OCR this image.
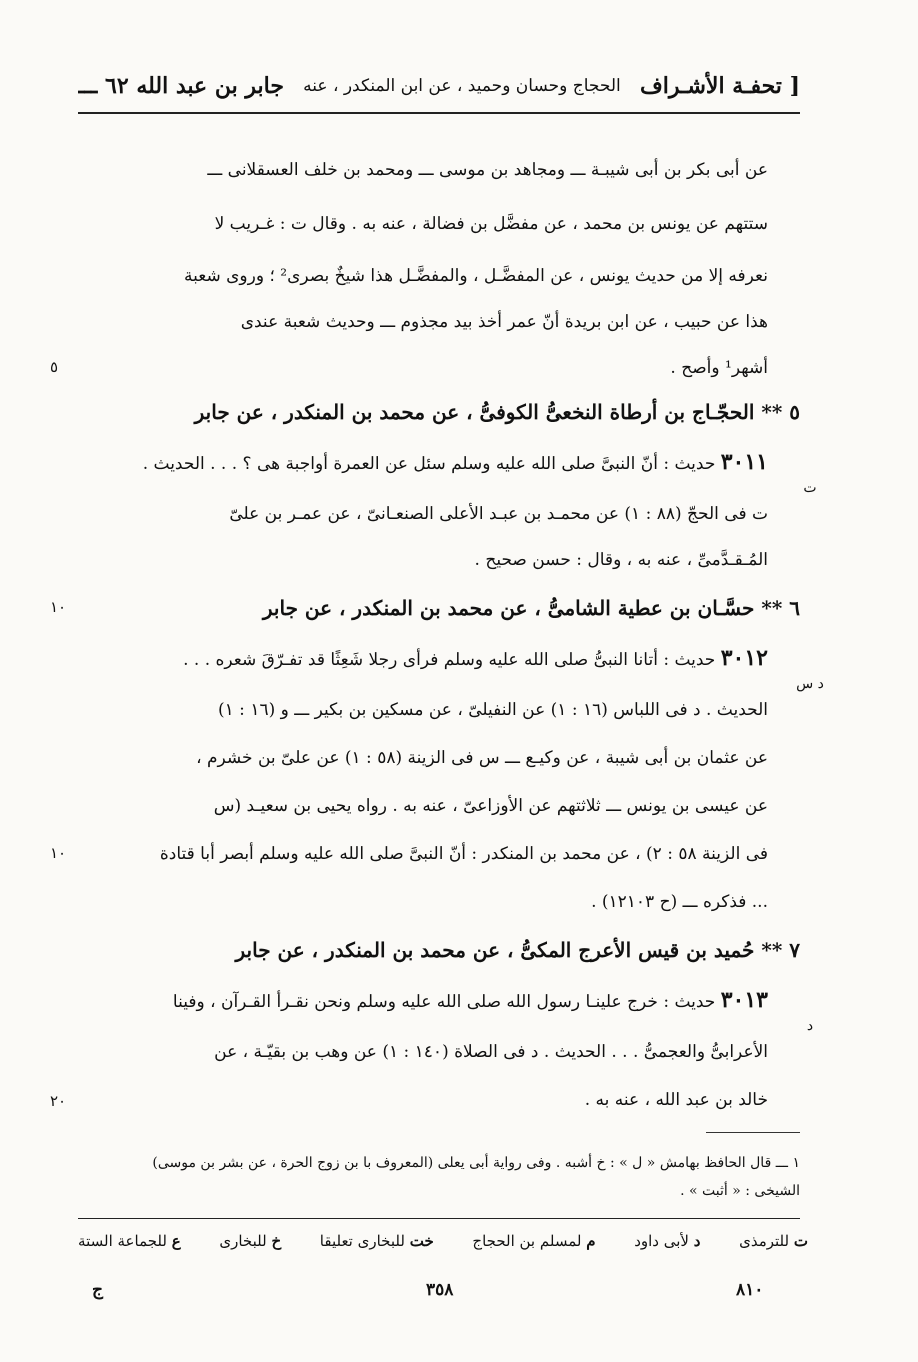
جابر بن عبد الله ٦٢ ـــ الحجاج وحسان وحميد ، عن ابن المنكدر ، عنه [ تحفـة الأشـراف
عن أبى بكر بن أبى شيبـة ـــ ومجاهد بن موسى ـــ ومحمد بن خلف العسقلانى ـــ
ستتهم عن يونس بن محمد ، عن مفضَّل بن فضالة ، عنه به . وقال ت : غـريب لا
نعرفه إلا من حديث يونس ، عن المفضَّـل ، والمفضَّـل هذا شيخٌ بصرى² ؛ وروى شعبة
هذا عن حبيب ، عن ابن بريدة أنّ عمر أخذ بيد مجذوم ـــ وحديث شعبة عندى
أشهر¹ وأصح .
٥
٥ ** الحجّـاج بن أرطاة النخعىُّ الكوفىُّ ، عن محمد بن المنكدر ، عن جابر
٣٠١١ حديث : أنّ النبىَّ صلى الله عليه وسلم سئل عن العمرة أواجبة هى ؟ . . . الحديث .
ت
ت فى الحجّ (٨٨ : ١) عن محمـد بن عبـد الأعلى الصنعـانىّ ، عن عمـر بن علىّ
المُـقـدَّمىِّ ، عنه به ، وقال : حسن صحيح .
٦ ** حسَّـان بن عطية الشامىُّ ، عن محمد بن المنكدر ، عن جابر
١٠
٣٠١٢ حديث : أتانا النبىُّ صلى الله عليه وسلم فرأى رجلا شَعِثًا قد تفـرّقَ شعره . . .
د س
الحديث . د فى اللباس (١٦ : ١) عن النفيلىّ ، عن مسكين بن بكير ـــ و (١٦ : ١)
عن عثمان بن أبى شيبة ، عن وكيـع ـــ س فى الزينة (٥٨ : ١) عن علىّ بن خشرم ،
عن عيسى بن يونس ـــ ثلاثتهم عن الأوزاعىّ ، عنه به . رواه يحيى بن سعيـد (س
فى الزينة ٥٨ : ٢) ، عن محمد بن المنكدر : أنّ النبىَّ صلى الله عليه وسلم أبصر أبا قتادة
١٠
... فذكره ـــ (ح ١٢١٠٣) .
٧ ** حُميد بن قيس الأعرج المكىُّ ، عن محمد بن المنكدر ، عن جابر
٣٠١٣ حديث : خرج علينـا رسول الله صلى الله عليه وسلم ونحن نقـرأ القـرآن ، وفينا
د
الأعرابىُّ والعجمىُّ . . . الحديث . د فى الصلاة (١٤٠ : ١) عن وهب بن بقيّـة ، عن
خالد بن عبد الله ، عنه به .
٢٠
١ ـــ قال الحافظ بهامش « ل » : خ أشبه . وفى رواية أبى يعلى (المعروف با بن زوج الحرة ، عن بشر بن موسى)
الشيخى : « أثبت » .
ع للجماعة الستة	خ للبخارى	خت للبخارى تعليقا	م لمسلم بن الحجاج	د لأبى داود	ت للترمذى
٨١٠
٣٥٨
ج
